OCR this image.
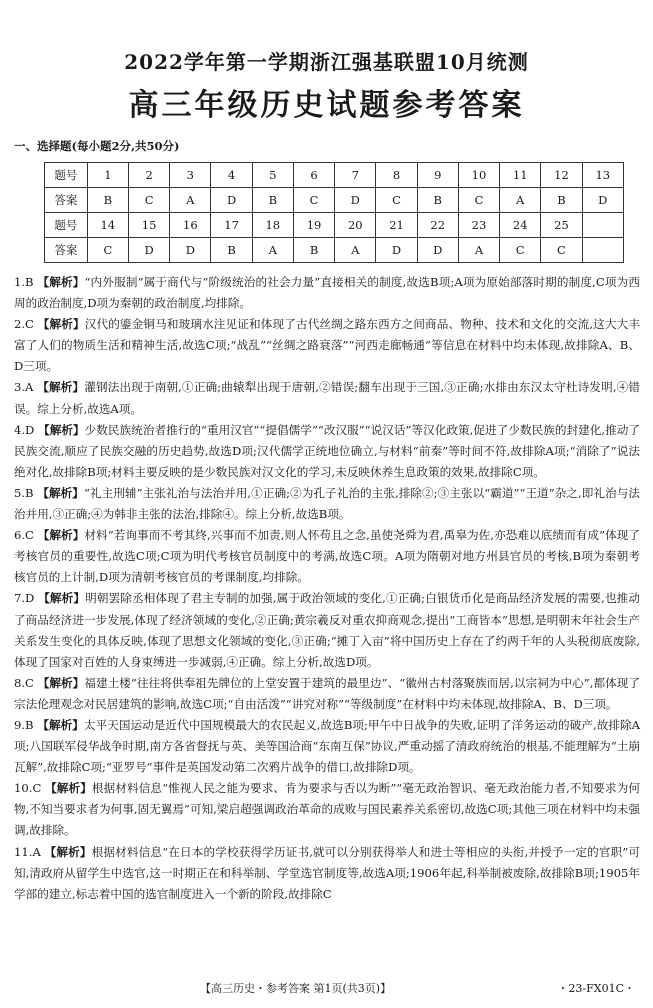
2022学年第一学期浙江强基联盟10月统测
高三年级历史试题参考答案
一、选择题(每小题2分,共50分)
题号	1	2	3	4	5	6	7	8	9	10	11	12	13
答案	B	C	A	D	B	C	D	C	B	C	A	B	D
题号	14	15	16	17	18	19	20	21	22	23	24	25	
答案	C	D	D	B	A	B	A	D	D	A	C	C	

1.B 【解析】“内外服制”属于商代与“阶级统治的社会力量”直接相关的制度,故选B项;A项为原始部落时期的制度,C项为西周的政治制度,D项为秦朝的政治制度,均排除。

2.C 【解析】汉代的鎏金铜马和玻璃水注见证和体现了古代丝绸之路东西方之间商品、物种、技术和文化的交流,这大大丰富了人们的物质生活和精神生活,故选C项;“战乱”“丝绸之路衰落”“河西走廊畅通”等信息在材料中均未体现,故排除A、B、D三项。

3.A 【解析】灌钢法出现于南朝,①正确;曲辕犁出现于唐朝,②错误;翻车出现于三国,③正确;水排由东汉太守杜诗发明,④错误。综上分析,故选A项。

4.D 【解析】少数民族统治者推行的“重用汉官”“提倡儒学”“改汉服”“说汉话”等汉化政策,促进了少数民族的封建化,推动了民族交流,顺应了民族交融的历史趋势,故选D项;汉代儒学正统地位确立,与材料“前秦”等时间不符,故排除A项;“消除了”说法绝对化,故排除B项;材料主要反映的是少数民族对汉文化的学习,未反映休养生息政策的效果,故排除C项。

5.B 【解析】“礼主刑辅”主张礼治与法治并用,①正确;②为孔子礼治的主张,排除②;③主张以“霸道”“王道”杂之,即礼治与法治并用,③正确;④为韩非主张的法治,排除④。综上分析,故选B项。

6.C 【解析】材料“若询事而不考其终,兴事而不加责,则人怀苟且之念,虽使尧舜为君,禹皋为佐,亦恐难以底绩而有成”体现了考核官员的重要性,故选C项;C项为明代考核官员制度中的考满,故选C项。A项为隋朝对地方州县官员的考核,B项为秦朝考核官员的上计制,D项为清朝考核官员的考课制度,均排除。

7.D 【解析】明朝罢除丞相体现了君主专制的加强,属于政治领域的变化,①正确;白银货币化是商品经济发展的需要,也推动了商品经济进一步发展,体现了经济领域的变化,②正确;黄宗羲反对重农抑商观念,提出“工商皆本”思想,是明朝末年社会生产关系发生变化的具体反映,体现了思想文化领域的变化,③正确;“摊丁入亩”将中国历史上存在了约两千年的人头税彻底废除,体现了国家对百姓的人身束缚进一步减弱,④正确。综上分析,故选D项。

8.C 【解析】福建土楼“往往将供奉祖先牌位的上堂安置于建筑的最里边”、“徽州古村落聚族而居,以宗祠为中心”,都体现了宗法伦理观念对民居建筑的影响,故选C项;“自由活泼”“讲究对称”“等级制度”在材料中均未体现,故排除A、B、D三项。

9.B 【解析】太平天国运动是近代中国规模最大的农民起义,故选B项;甲午中日战争的失败,证明了洋务运动的破产,故排除A项;八国联军侵华战争时期,南方各省督抚与英、美等国洽商“东南互保”协议,严重动摇了清政府统治的根基,不能理解为“土崩瓦解”,故排除C项;“亚罗号”事件是英国发动第二次鸦片战争的借口,故排除D项。

10.C 【解析】根据材料信息“惟视人民之能为要求、肯为要求与否以为断”“毫无政治智识、毫无政治能力者,不知要求为何物,不知当要求者为何事,固无翼焉”可知,梁启超强调政治革命的成败与国民素养关系密切,故选C项;其他三项在材料中均未强调,故排除。

11.A 【解析】根据材料信息“在日本的学校获得学历证书,就可以分别获得举人和进士等相应的头衔,并授予一定的官职”可知,清政府从留学生中选官,这一时期正在和科举制、学堂选官制度等,故选A项;1906年起,科举制被废除,故排除B项;1905年学部的建立,标志着中国的选官制度进入一个新的阶段,故排除C

【高三历史・参考答案 第1页(共3页)】	・23-FX01C・
